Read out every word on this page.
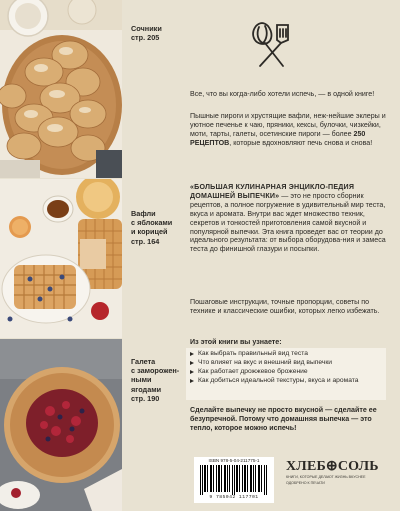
Сочники
стр. 205
Вафли
с яблоками
и корицей
стр. 164
Галета
с заморожен-
ными
ягодами
стр. 190

Все, что вы когда-либо хотели испечь, — в одной книге!

Пышные пироги и хрустящие вафли, неж-нейшие эклеры и уютное печенье к чаю, пряники, кексы, булочки, чизкейки, моти, тарты, галеты, осетинские пироги — более 250 РЕЦЕПТОВ, которые вдохновляют печь снова и снова!

«БОЛЬШАЯ КУЛИНАРНАЯ ЭНЦИКЛО-ПЕДИЯ ДОМАШНЕЙ ВЫПЕЧКИ» — это не просто сборник рецептов, а полное погружение в удивительный мир теста, вкуса и аромата. Внутри вас ждет множество техник, секретов и тонкостей приготовления самой вкусной и популярной выпечки. Эта книга проведет вас от теории до идеального результата: от выбора оборудова-ния и замеса теста до финишной глазури и посыпки.

Пошаговые инструкции, точные пропорции, советы по технике и классические ошибки, которых легко избежать.

Из этой книги вы узнаете:
Как выбрать правильный вид теста
Что влияет на вкус и внешний вид выпечки
Как работает дрожжевое брожение
Как добиться идеальной текстуры, вкуса и аромата

Сделайте выпечку не просто вкусной — сделайте ее безупречной. Потому что домашняя выпечка — это тепло, которое можно испечь!

ISBN 978-5-04-211775-1
9 785042 117701
ХЛЕБ⊕СОЛЬ
КНИГИ, КОТОРЫЕ ДЕЛАЮТ ЖИЗНЬ ВКУСНЕЕ
ОДОБРЕНО К ПЕЧАТИ
